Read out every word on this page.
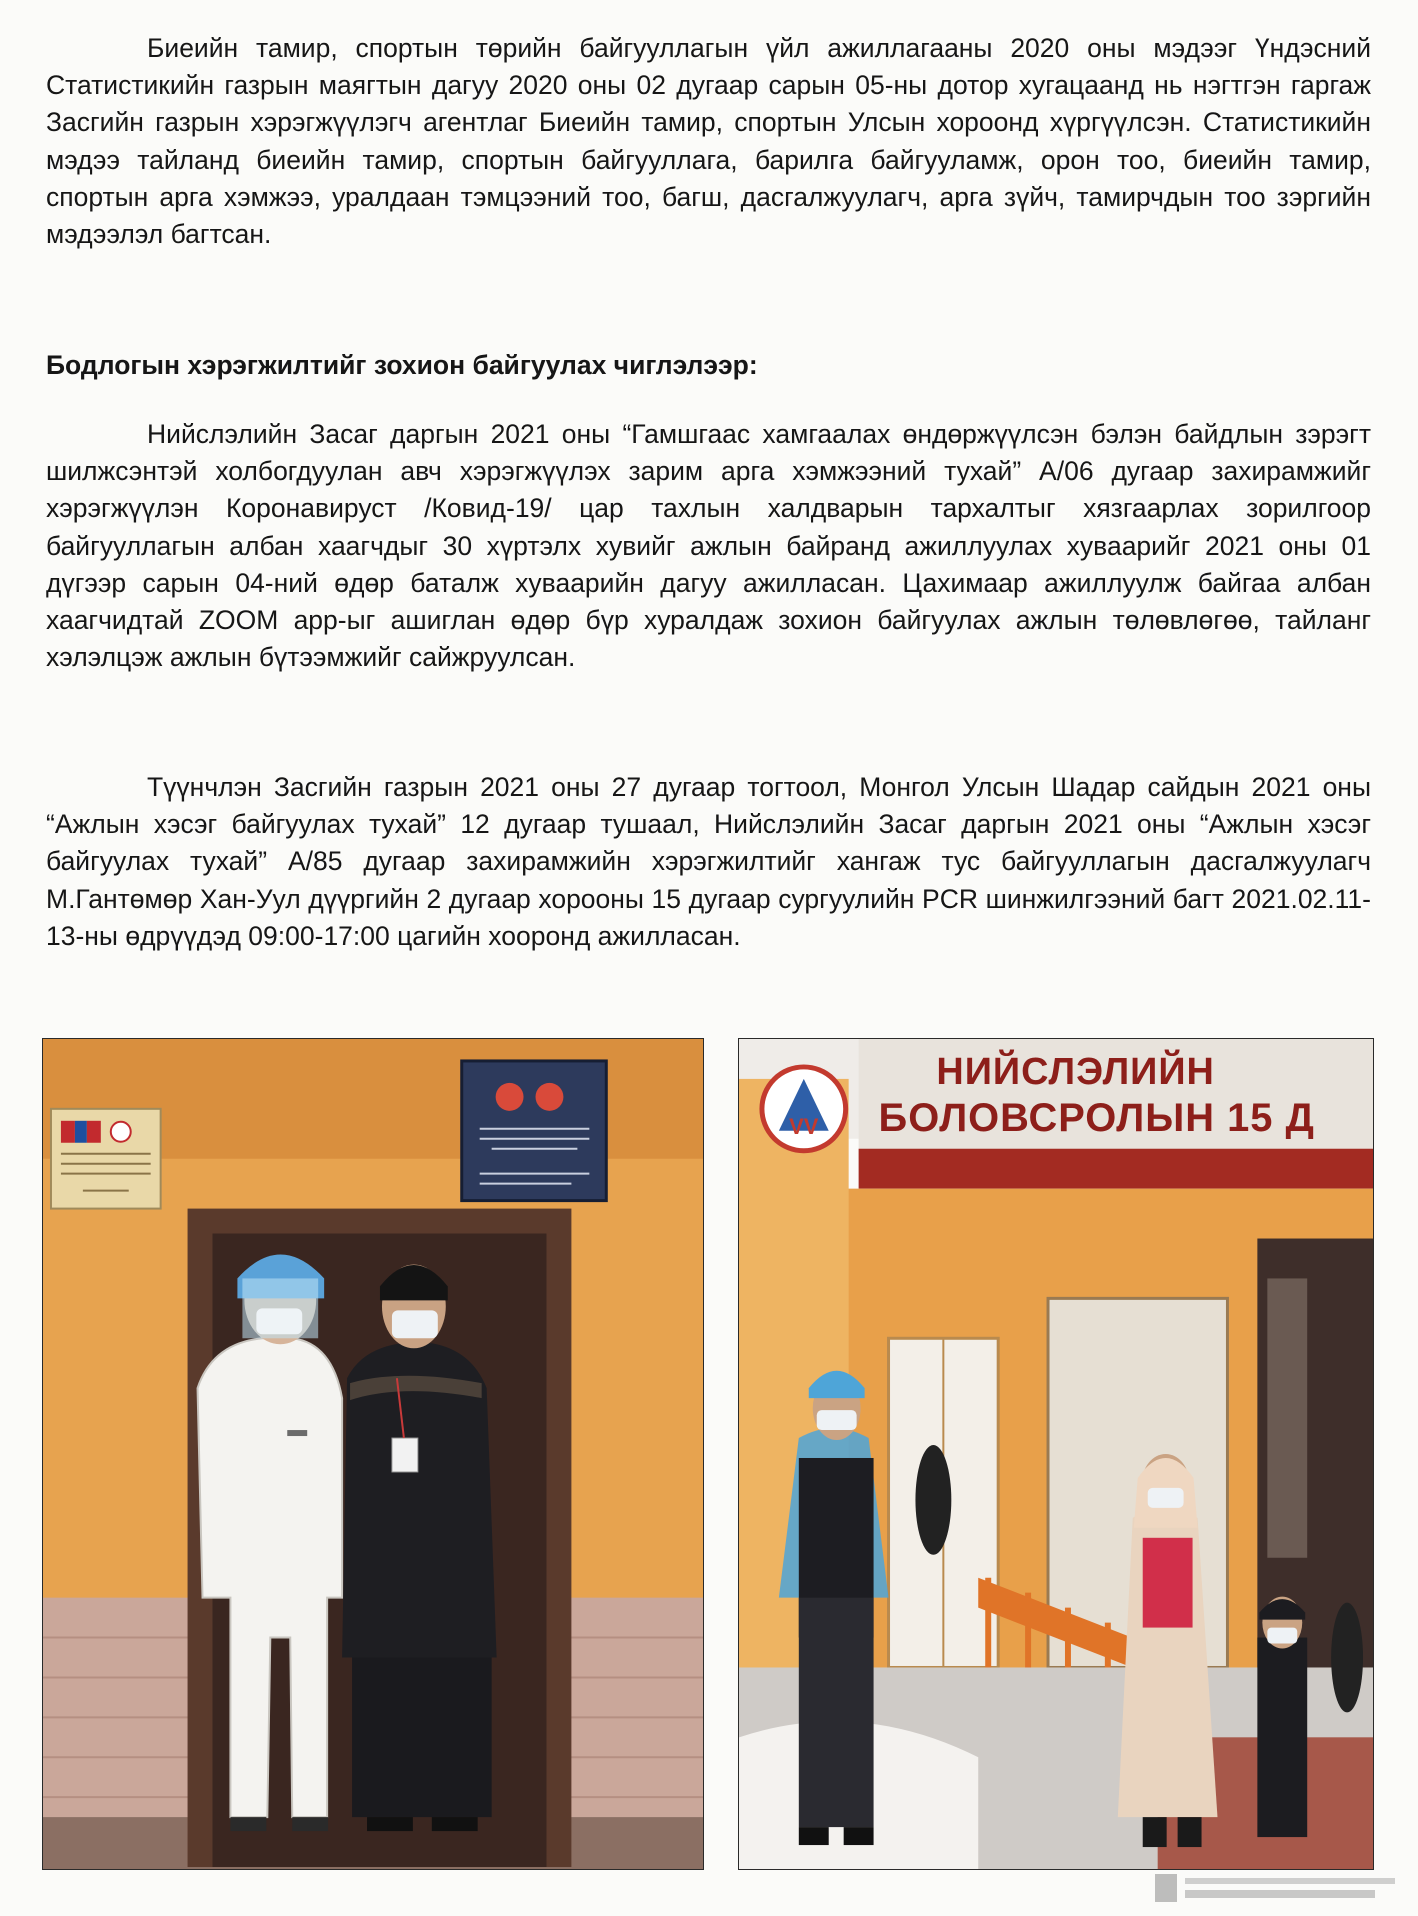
Биеийн тамир, спортын төрийн байгууллагын үйл ажиллагааны 2020 оны мэдээг Үндэсний Статистикийн газрын маягтын дагуу 2020 оны 02 дугаар сарын 05-ны дотор хугацаанд нь нэгтгэн гаргаж Засгийн газрын хэрэгжүүлэгч агентлаг Биеийн тамир, спортын Улсын хороонд хүргүүлсэн. Статистикийн мэдээ тайланд биеийн тамир, спортын байгууллага, барилга байгууламж, орон тоо, биеийн тамир, спортын арга хэмжээ, уралдаан тэмцээний тоо, багш, дасгалжуулагч, арга зүйч, тамирчдын тоо зэргийн мэдээлэл багтсан.

Бодлогын хэрэгжилтийг зохион байгуулах чиглэлээр:

Нийслэлийн Засаг даргын 2021 оны “Гамшгаас хамгаалах өндөржүүлсэн бэлэн байдлын зэрэгт шилжсэнтэй холбогдуулан авч хэрэгжүүлэх зарим арга хэмжээний тухай” А/06 дугаар захирамжийг хэрэгжүүлэн Коронавируст /Ковид-19/ цар тахлын халдварын тархалтыг хязгаарлах зорилгоор байгууллагын албан хаагчдыг 30 хүртэлх хувийг ажлын байранд ажиллуулах хуваарийг 2021 оны 01 дүгээр сарын 04-ний өдөр баталж хуваарийн дагуу ажилласан. Цахимаар ажиллуулж байгаа албан хаагчидтай ZOOM app-ыг ашиглан өдөр бүр хуралдаж зохион байгуулах ажлын төлөвлөгөө, тайланг хэлэлцэж ажлын бүтээмжийг сайжруулсан.

Түүнчлэн Засгийн газрын 2021 оны 27 дугаар тогтоол, Монгол Улсын Шадар сайдын 2021 оны “Ажлын хэсэг байгуулах тухай” 12 дугаар тушаал, Нийслэлийн Засаг даргын 2021 оны “Ажлын хэсэг байгуулах тухай” А/85 дугаар захирамжийн хэрэгжилтийг хангаж тус байгууллагын дасгалжуулагч М.Гантөмөр Хан-Уул дүүргийн 2 дугаар хорооны 15 дугаар сургуулийн PCR шинжилгээний багт 2021.02.11-13-ны өдрүүдэд 09:00-17:00 цагийн хооронд ажилласан.

VV
НИЙСЛЭЛИЙН
БОЛОВСРОЛЫН 15 Д
